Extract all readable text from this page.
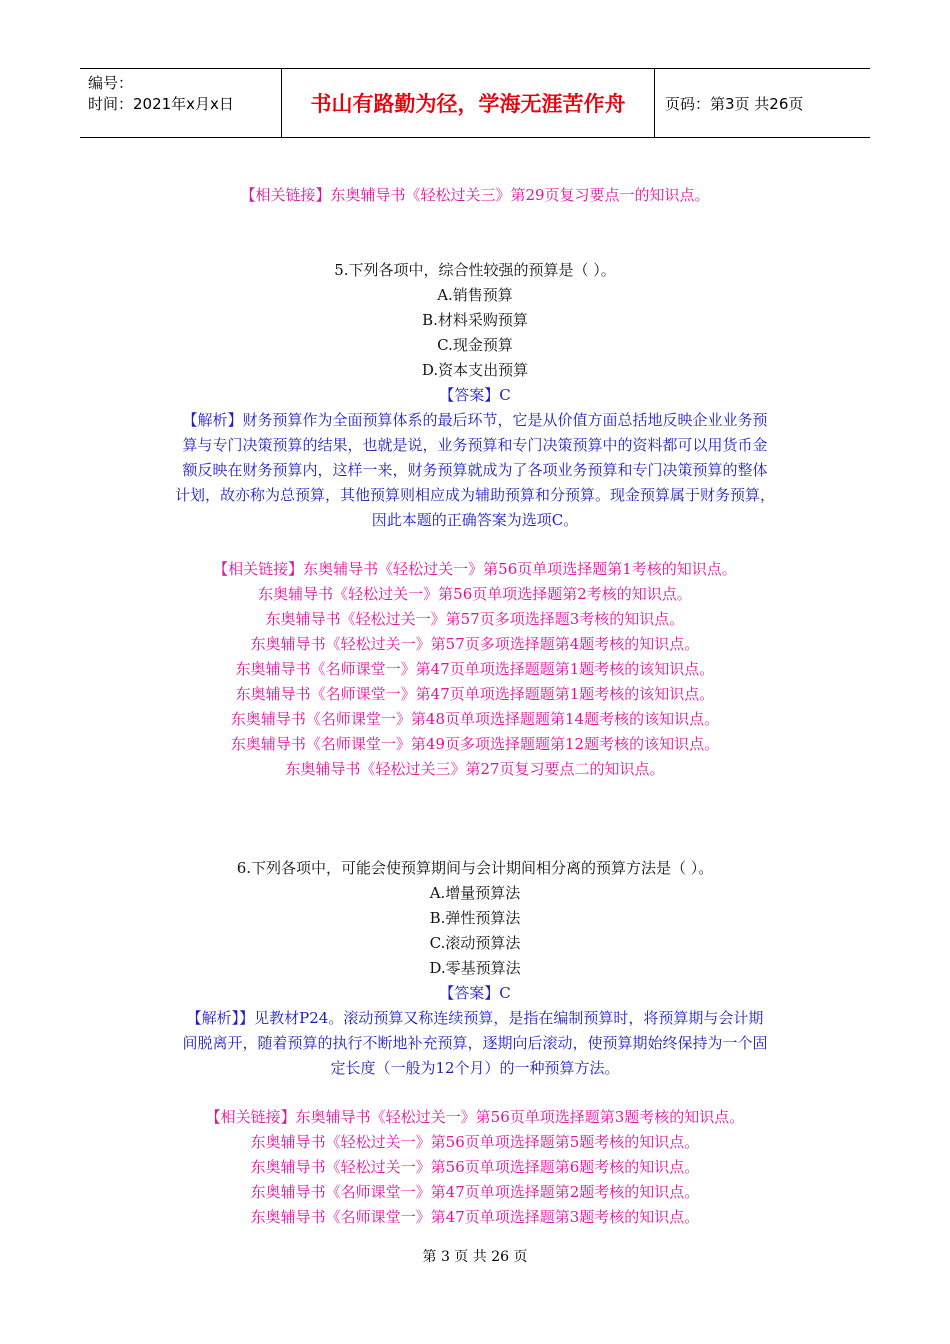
编号：
时间：2021年x月x日	书山有路勤为径，学海无涯苦作舟	页码：第3页 共26页
【相关链接】东奥辅导书《轻松过关三》第29页复习要点一的知识点。
5.下列各项中，综合性较强的预算是（ ）。
A.销售预算
B.材料采购预算
C.现金预算
D.资本支出预算
【答案】C
【解析】财务预算作为全面预算体系的最后环节，它是从价值方面总括地反映企业业务预
算与专门决策预算的结果，也就是说，业务预算和专门决策预算中的资料都可以用货币金
额反映在财务预算内，这样一来，财务预算就成为了各项业务预算和专门决策预算的整体
计划，故亦称为总预算，其他预算则相应成为辅助预算和分预算。现金预算属于财务预算，
因此本题的正确答案为选项C。
【相关链接】东奥辅导书《轻松过关一》第56页单项选择题第1考核的知识点。
东奥辅导书《轻松过关一》第56页单项选择题第2考核的知识点。
东奥辅导书《轻松过关一》第57页多项选择题3考核的知识点。
东奥辅导书《轻松过关一》第57页多项选择题第4题考核的知识点。
东奥辅导书《名师课堂一》第47页单项选择题题第1题考核的该知识点。
东奥辅导书《名师课堂一》第47页单项选择题题第1题考核的该知识点。
东奥辅导书《名师课堂一》第48页单项选择题题第14题考核的该知识点。
东奥辅导书《名师课堂一》第49页多项选择题题第12题考核的该知识点。
东奥辅导书《轻松过关三》第27页复习要点二的知识点。
6.下列各项中，可能会使预算期间与会计期间相分离的预算方法是（ ）。
A.增量预算法
B.弹性预算法
C.滚动预算法
D.零基预算法
【答案】C
【解析】】见教材P24。滚动预算又称连续预算，是指在编制预算时，将预算期与会计期
间脱离开，随着预算的执行不断地补充预算，逐期向后滚动，使预算期始终保持为一个固
定长度（一般为12个月）的一种预算方法。
【相关链接】东奥辅导书《轻松过关一》第56页单项选择题第3题考核的知识点。
东奥辅导书《轻松过关一》第56页单项选择题第5题考核的知识点。
东奥辅导书《轻松过关一》第56页单项选择题第6题考核的知识点。
东奥辅导书《名师课堂一》第47页单项选择题第2题考核的知识点。
东奥辅导书《名师课堂一》第47页单项选择题第3题考核的知识点。
第 3 页 共 26 页
